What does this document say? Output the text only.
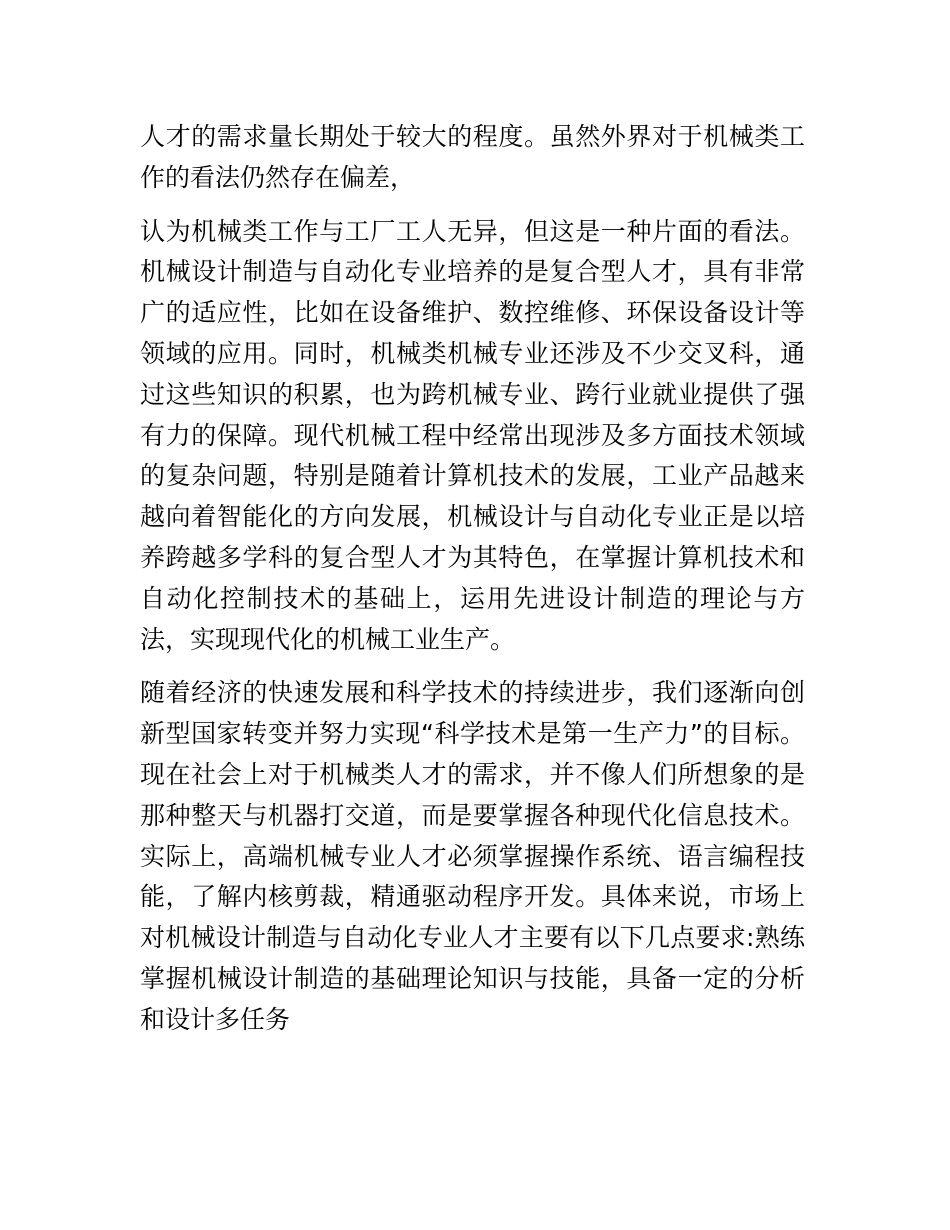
人才的需求量长期处于较大的程度。虽然外界对于机械类工作的看法仍然存在偏差，

认为机械类工作与工厂工人无异，但这是一种片面的看法。机械设计制造与自动化专业培养的是复合型人才，具有非常广的适应性，比如在设备维护、数控维修、环保设备设计等领域的应用。同时，机械类机械专业还涉及不少交叉科，通过这些知识的积累，也为跨机械专业、跨行业就业提供了强有力的保障。现代机械工程中经常出现涉及多方面技术领域的复杂问题，特别是随着计算机技术的发展，工业产品越来越向着智能化的方向发展，机械设计与自动化专业正是以培养跨越多学科的复合型人才为其特色，在掌握计算机技术和自动化控制技术的基础上，运用先进设计制造的理论与方法，实现现代化的机械工业生产。

随着经济的快速发展和科学技术的持续进步，我们逐渐向创新型国家转变并努力实现“科学技术是第一生产力”的目标。现在社会上对于机械类人才的需求，并不像人们所想象的是那种整天与机器打交道，而是要掌握各种现代化信息技术。实际上，高端机械专业人才必须掌握操作系统、语言编程技能，了解内核剪裁，精通驱动程序开发。具体来说，市场上对机械设计制造与自动化专业人才主要有以下几点要求:熟练掌握机械设计制造的基础理论知识与技能，具备一定的分析和设计多任务
